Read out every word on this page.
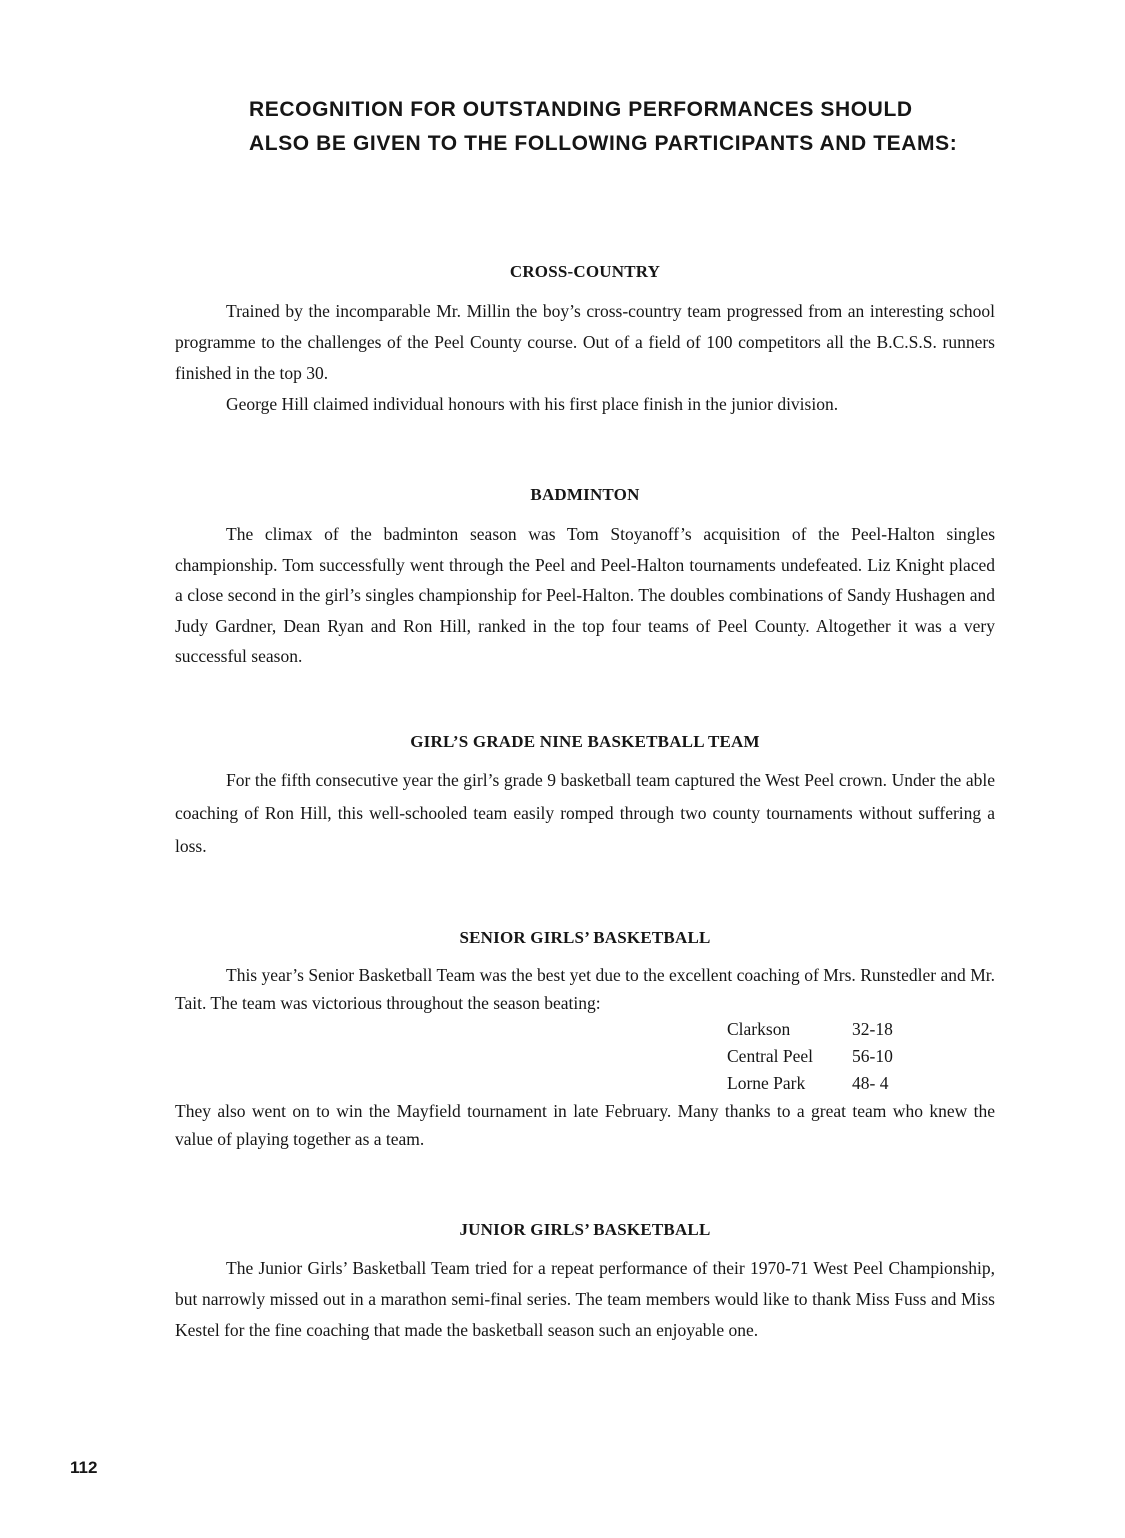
RECOGNITION FOR OUTSTANDING PERFORMANCES SHOULD ALSO BE GIVEN TO THE FOLLOWING PARTICIPANTS AND TEAMS:
CROSS-COUNTRY

Trained by the incomparable Mr. Millin the boy’s cross-country team progressed from an interesting school programme to the challenges of the Peel County course. Out of a field of 100 competitors all the B.C.S.S. runners finished in the top 30.

George Hill claimed individual honours with his first place finish in the junior division.

BADMINTON

The climax of the badminton season was Tom Stoyanoff’s acquisition of the Peel-Halton singles championship. Tom successfully went through the Peel and Peel-Halton tournaments undefeated. Liz Knight placed a close second in the girl’s singles championship for Peel-Halton. The doubles combinations of Sandy Hushagen and Judy Gardner, Dean Ryan and Ron Hill, ranked in the top four teams of Peel County. Altogether it was a very successful season.

GIRL’S GRADE NINE BASKETBALL TEAM

For the fifth consecutive year the girl’s grade 9 basketball team captured the West Peel crown. Under the able coaching of Ron Hill, this well-schooled team easily romped through two county tournaments without suffering a loss.

SENIOR GIRLS’ BASKETBALL

This year’s Senior Basketball Team was the best yet due to the excellent coaching of Mrs. Runstedler and Mr. Tait. The team was victorious throughout the season beating:

Clarkson	32-18
Central Peel	56-10
Lorne Park	48- 4

They also went on to win the Mayfield tournament in late February. Many thanks to a great team who knew the value of playing together as a team.

JUNIOR GIRLS’ BASKETBALL

The Junior Girls’ Basketball Team tried for a repeat performance of their 1970-71 West Peel Championship, but narrowly missed out in a marathon semi-final series. The team members would like to thank Miss Fuss and Miss Kestel for the fine coaching that made the basketball season such an enjoyable one.

112
